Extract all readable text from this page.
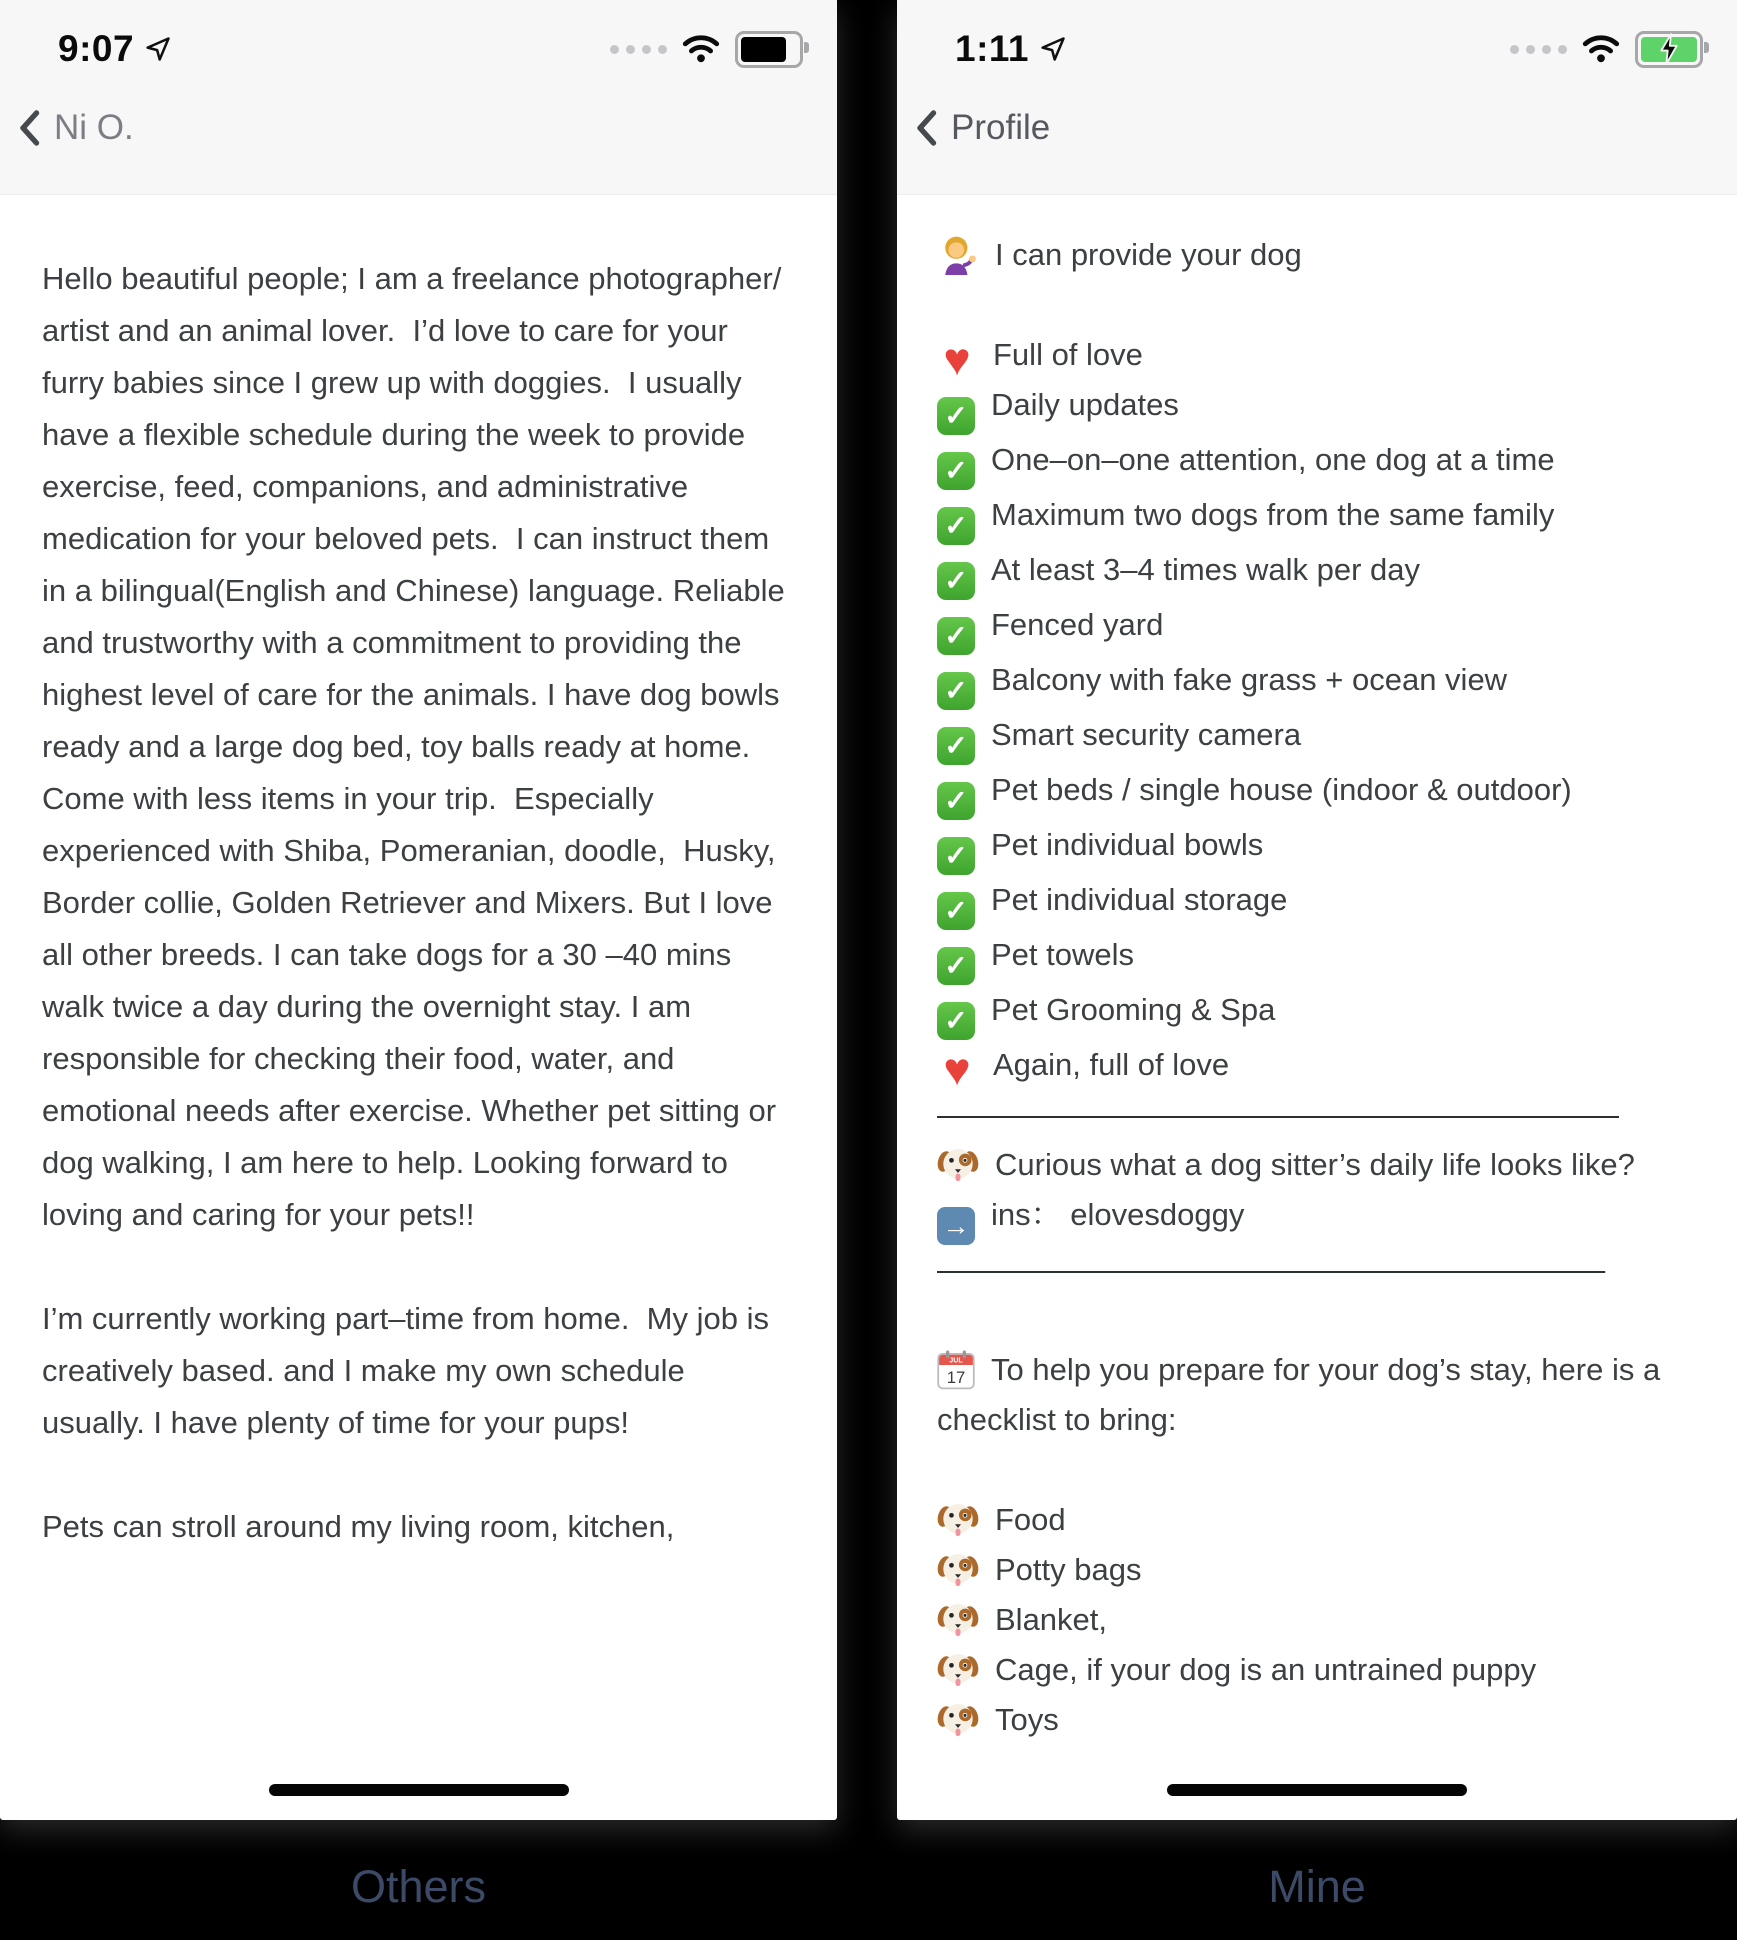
9:07
Ni O.

Hello beautiful people; I am a freelance photographer/ artist and an animal lover.  I’d love to care for your furry babies since I grew up with doggies.  I usually have a flexible schedule during the week to provide exercise, feed, companions, and administrative medication for your beloved pets.  I can instruct them in a bilingual(English and Chinese) language. Reliable and trustworthy with a commitment to providing the highest level of care for the animals. I have dog bowls ready and a large dog bed, toy balls ready at home.  Come with less items in your trip.  Especially experienced with Shiba, Pomeranian, doodle,  Husky, Border collie, Golden Retriever and Mixers. But I love all other breeds. I can take dogs for a 30 –40 mins walk twice a day during the overnight stay. I am responsible for checking their food, water, and emotional needs after exercise. Whether pet sitting or dog walking, I am here to help. Looking forward to loving and caring for your pets!!

I’m currently working part–time from home.  My job is creatively based. and I make my own schedule usually. I have plenty of time for your pups!

Pets can stroll around my living room, kitchen,

1:11
Profile
I can provide your dog
♥ Full of love
✓ Daily updates
✓ One–on–one attention, one dog at a time
✓ Maximum two dogs from the same family
✓ At least 3–4 times walk per day
✓ Fenced yard
✓ Balcony with fake grass + ocean view
✓ Smart security camera
✓ Pet beds / single house (indoor & outdoor)
✓ Pet individual bowls
✓ Pet individual storage
✓ Pet towels
✓ Pet Grooming & Spa
♥ Again, full of love
——————————————————————
Curious what a dog sitter’s daily life looks like?
→ ins： elovesdoggy
—————————————————————–
JUL
17 To help you prepare for your dog’s stay, here is a checklist to bring:
Food
Potty bags
Blanket,
Cage, if your dog is an untrained puppy
Toys
Others	Mine
